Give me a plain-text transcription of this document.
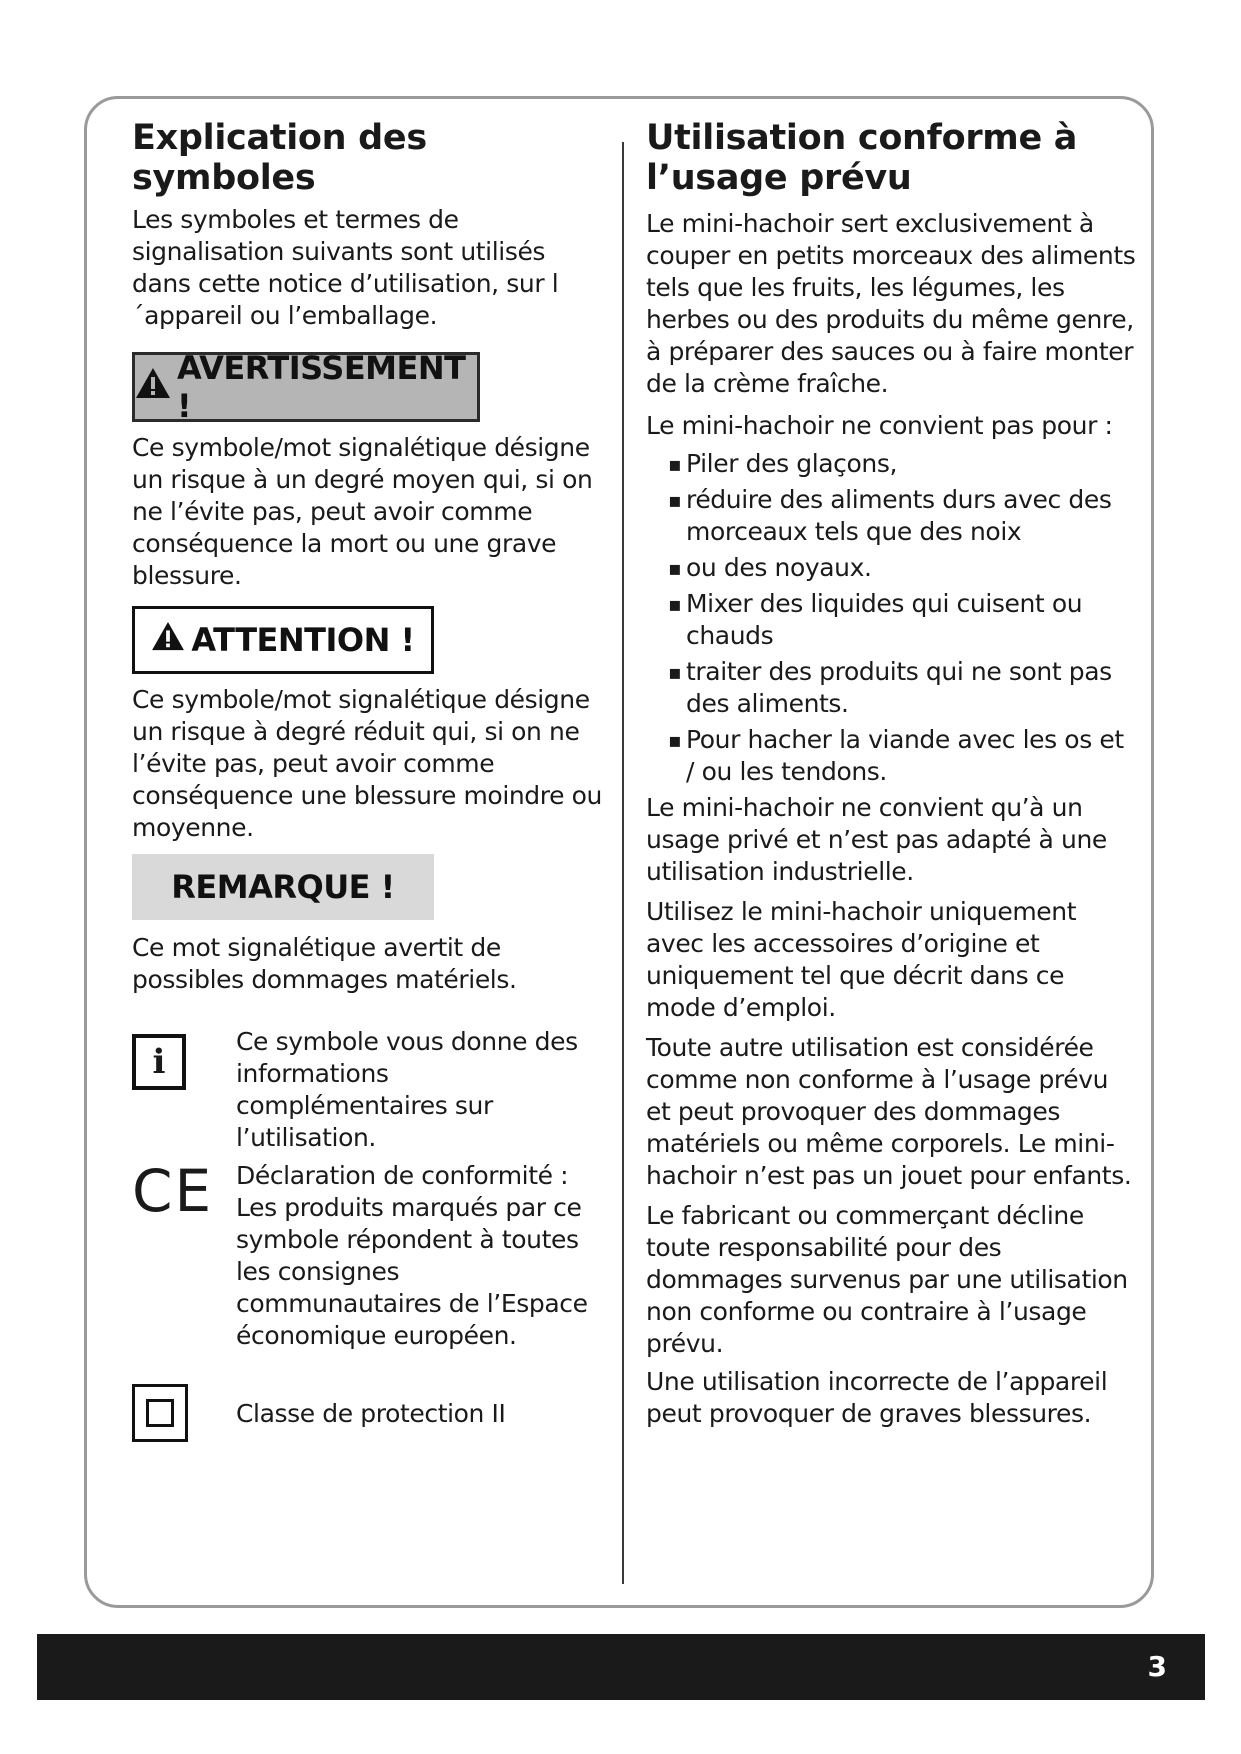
Explication des symboles

Les symboles et termes de signalisation suivants sont utilisés dans cette notice d’utilisation, sur l´appareil ou l’emballage.

AVERTISSEMENT !

Ce symbole/mot signalétique désigne un risque à un degré moyen qui, si on ne l’évite pas, peut avoir comme conséquence la mort ou une grave blessure.

ATTENTION !

Ce symbole/mot signalétique désigne un risque à degré réduit qui, si on ne l’évite pas, peut avoir comme conséquence une blessure moindre ou moyenne.

REMARQUE !

Ce mot signalétique avertit de possibles dommages matériels.

i

Ce symbole vous donne des informations complémentaires sur l’utilisation.

CE Déclaration de conformité : Les produits marqués par ce symbole répondent à toutes les consignes communautaires de l’Espace économique européen.

Classe de protection II

Utilisation conforme à l’usage prévu

Le mini-hachoir sert exclusivement à couper en petits morceaux des aliments tels que les fruits, les légumes, les herbes ou des produits du même genre, à préparer des sauces ou à faire monter de la crème fraîche.

Le mini-hachoir ne convient pas pour :

▪ Piler des glaçons,
▪ réduire des aliments durs avec des morceaux tels que des noix
▪ ou des noyaux.
▪ Mixer des liquides qui cuisent ou chauds
▪ traiter des produits qui ne sont pas des aliments.
▪ Pour hacher la viande avec les os et / ou les tendons.

Le mini-hachoir ne convient qu’à un usage privé et n’est pas adapté à une utilisation industrielle.

Utilisez le mini-hachoir uniquement avec les accessoires d’origine et uniquement tel que décrit dans ce mode d’emploi.

Toute autre utilisation est considérée comme non conforme à l’usage prévu et peut provoquer des dommages matériels ou même corporels. Le mini-hachoir n’est pas un jouet pour enfants.

Le fabricant ou commerçant décline toute responsabilité pour des dommages survenus par une utilisation non conforme ou contraire à l’usage prévu.

Une utilisation incorrecte de l’appareil peut provoquer de graves blessures.

3
